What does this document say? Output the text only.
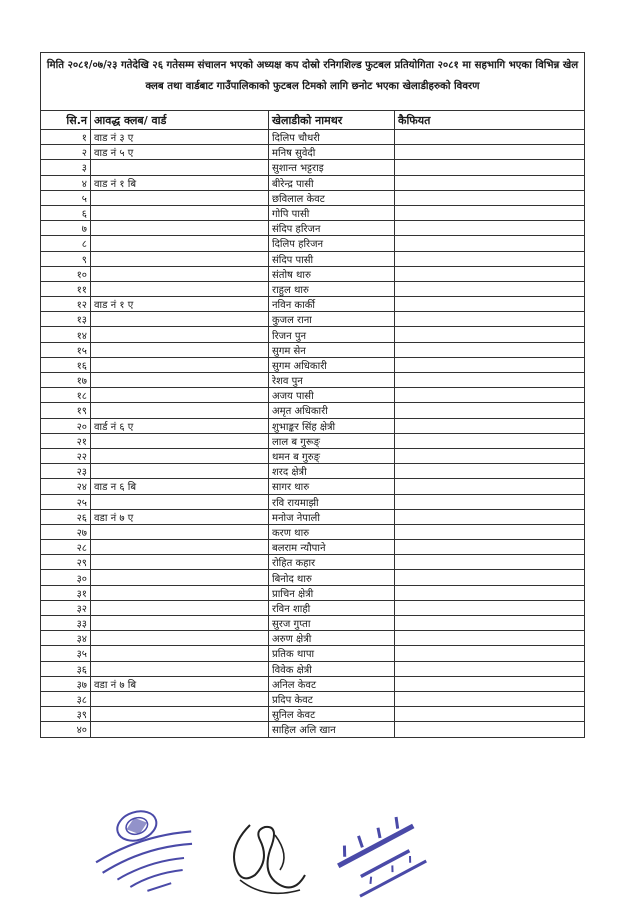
मिति २०८१/०७/२३ गतेदेखि २६ गतेसम्म संचालन भएको अध्यक्ष कप दोस्रो रनिगशिल्ड फुटबल प्रतियोगिता २०८१ मा सहभागि भएका विभिन्न खेल क्लब तथा वार्डबाट गाउँपालिकाको फुटबल टिमको लागि छनोट भएका खेलाडीहरुको विवरण
सि.न	आवद्ध क्लब/ वार्ड	खेलाडीको नामथर	कैफियत
१	वाड नं ३ ए	दिलिप चौधरी	
२	वाड नं ५ ए	मनिष सुवेदी	
३		सुशान्त भट्टराइ	
४	वाड नं १ बि	बीरेन्द्र पासी	
५		छविलाल केवट	
६		गोपि पासी	
७		संदिप हरिजन	
८		दिलिप हरिजन	
९		संदिप पासी	
१०		संतोष थारु	
११		राहुल थारु	
१२	वाड नं १ ए	नविन कार्की	
१३		कुजल राना	
१४		रिजन पुन	
१५		सुगम सेन	
१६		सुगम अधिकारी	
१७		रेशव पुन	
१८		अजय पासी	
१९		अमृत अधिकारी	
२०	वार्ड नं ६ ए	शुभाङ्कर सिंह क्षेत्री	
२१		लाल ब गुरूङ्	
२२		थमन ब गुरुङ्	
२३		शरद क्षेत्री	
२४	वाड न ६ बि	सागर थारु	
२५		रवि रायमाझी	
२६	वडा नं ७ ए	मनोज नेपाली	
२७		करण थारु	
२८		बलराम न्यौपाने	
२९		रोहित कहार	
३०		बिनोद थारु	
३१		प्राचिन क्षेत्री	
३२		रविन शाही	
३३		सुरज गुप्ता	
३४		अरुण क्षेत्री	
३५		प्रतिक थापा	
३६		विवेक क्षेत्री	
३७	वडा नं ७ बि	अनिल केवट	
३८		प्रदिप केवट	
३९		सुनिल केवट	
४०		साहिल अलि खान	
